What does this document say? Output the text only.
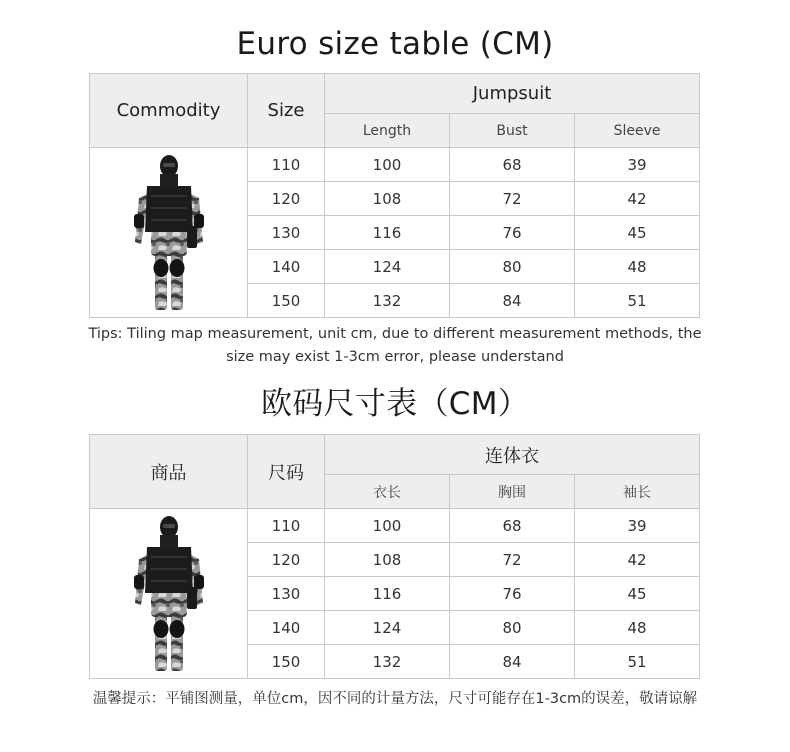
Euro size table (CM)
Commodity	Size	Jumpsuit		
		Length	Bust	Sleeve

	110	100	68	39
	120	108	72	42
	130	116	76	45
	140	124	80	48
	150	132	84	51
Tips: Tiling map measurement, unit cm, due to different measurement methods, the size may exist 1-3cm error, please understand
欧码尺寸表（CM）
商品	尺码	连体衣		
		衣长	胸围	袖长

	110	100	68	39
	120	108	72	42
	130	116	76	45
	140	124	80	48
	150	132	84	51
温馨提示：平铺图测量，单位cm，因不同的计量方法，尺寸可能存在1-3cm的误差，敬请谅解
